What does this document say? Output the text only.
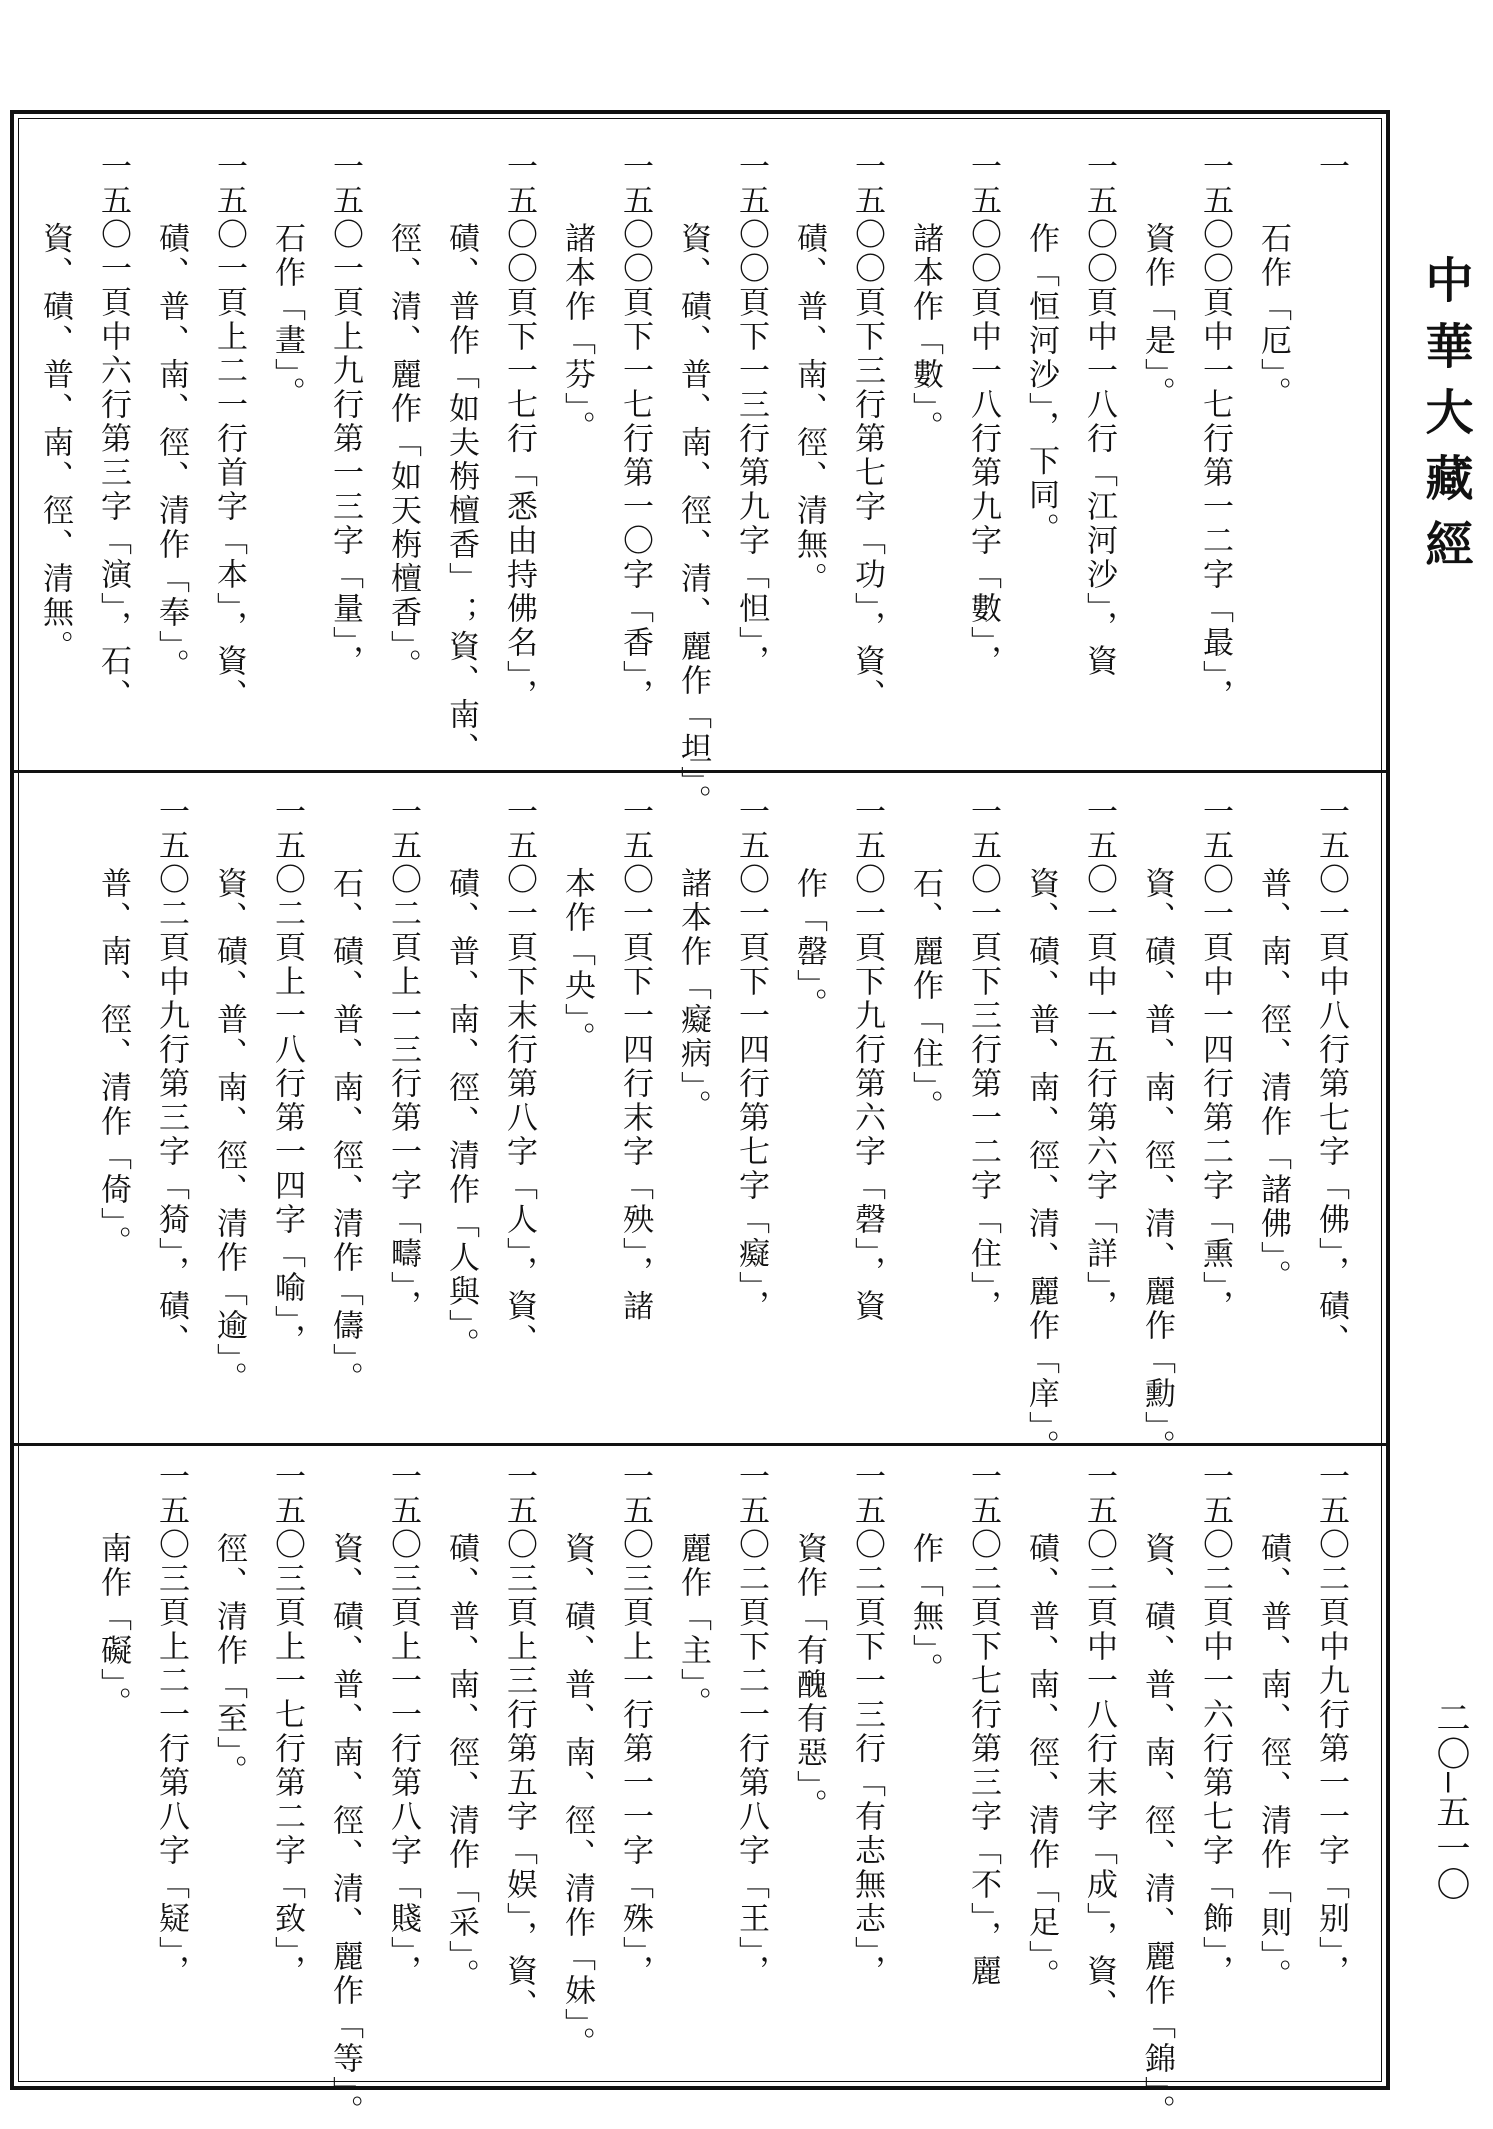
中華大藏經
二〇—五一〇
一
石作「厄」。
一五〇〇頁中一七行第一二字「最」，
資作「是」。
一五〇〇頁中一八行「江河沙」，資
作「恒河沙」，下同。
一五〇〇頁中一八行第九字「數」，
諸本作「數」。
一五〇〇頁下三行第七字「功」，資、
磧、普、南、徑、清無。
一五〇〇頁下一三行第九字「怛」，
資、磧、普、南、徑、清、麗作「坦」。
一五〇〇頁下一七行第一〇字「香」，
諸本作「芬」。
一五〇〇頁下一七行「悉由持佛名」，
磧、普作「如夫栴檀香」；資、南、
徑、清、麗作「如天栴檀香」。
一五〇一頁上九行第一三字「量」，
石作「晝」。
一五〇一頁上二一行首字「本」，資、
磧、普、南、徑、清作「奉」。
一五〇一頁中六行第三字「演」，石、
資、磧、普、南、徑、清無。
一五〇一頁中八行第七字「佛」，磧、
普、南、徑、清作「諸佛」。
一五〇一頁中一四行第二字「熏」，
資、磧、普、南、徑、清、麗作「勳」。
一五〇一頁中一五行第六字「詳」，
資、磧、普、南、徑、清、麗作「庠」。
一五〇一頁下三行第一二字「住」，
石、麗作「住」。
一五〇一頁下九行第六字「磬」，資
作「罄」。
一五〇一頁下一四行第七字「癡」，
諸本作「癡病」。
一五〇一頁下一四行末字「殃」，諸
本作「央」。
一五〇一頁下末行第八字「人」，資、
磧、普、南、徑、清作「人與」。
一五〇二頁上一三行第一字「疇」，
石、磧、普、南、徑、清作「儔」。
一五〇二頁上一八行第一四字「喻」，
資、磧、普、南、徑、清作「逾」。
一五〇二頁中九行第三字「猗」，磧、
普、南、徑、清作「倚」。
一五〇二頁中九行第一一字「别」，
磧、普、南、徑、清作「則」。
一五〇二頁中一六行第七字「飾」，
資、磧、普、南、徑、清、麗作「錦」。
一五〇二頁中一八行末字「成」，資、
磧、普、南、徑、清作「足」。
一五〇二頁下七行第三字「不」，麗
作「無」。
一五〇二頁下一三行「有志無志」，
資作「有醜有惡」。
一五〇二頁下二一行第八字「王」，
麗作「主」。
一五〇三頁上一行第一一字「殊」，
資、磧、普、南、徑、清作「妹」。
一五〇三頁上三行第五字「娱」，資、
磧、普、南、徑、清作「采」。
一五〇三頁上一一行第八字「賤」，
資、磧、普、南、徑、清、麗作「等」。
一五〇三頁上一七行第二字「致」，
徑、清作「至」。
一五〇三頁上二一行第八字「疑」，
南作「礙」。
